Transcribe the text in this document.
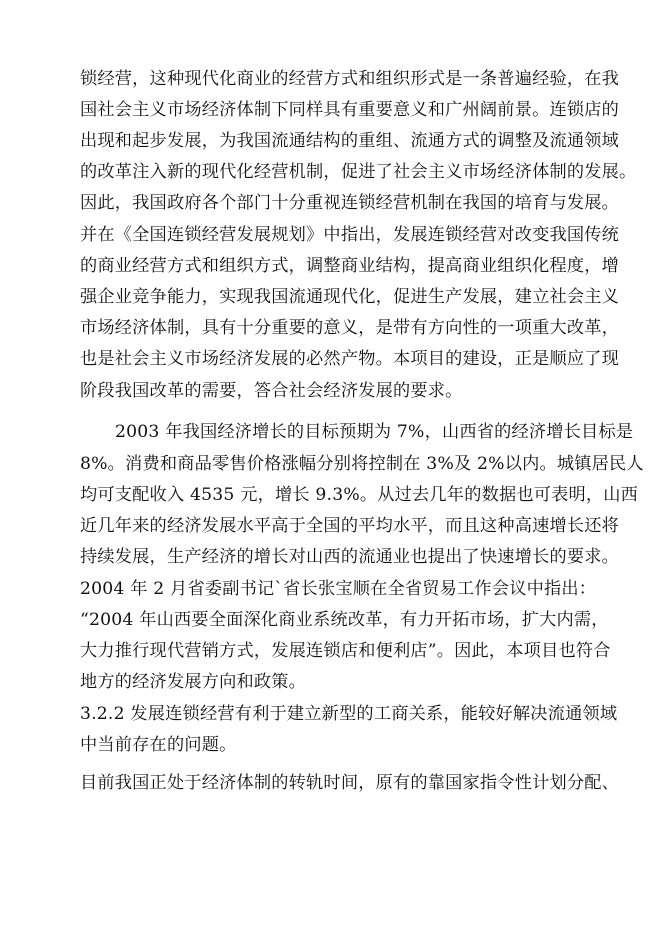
锁经营，这种现代化商业的经营方式和组织形式是一条普遍经验，在我
国社会主义市场经济体制下同样具有重要意义和广州阔前景。连锁店的
出现和起步发展，为我国流通结构的重组、流通方式的调整及流通领域
的改革注入新的现代化经营机制，促进了社会主义市场经济体制的发展。
因此，我国政府各个部门十分重视连锁经营机制在我国的培育与发展。
并在《全国连锁经营发展规划》中指出，发展连锁经营对改变我国传统
的商业经营方式和组织方式，调整商业结构，提高商业组织化程度，增
强企业竞争能力，实现我国流通现代化，促进生产发展，建立社会主义
市场经济体制，具有十分重要的意义，是带有方向性的一项重大改革，
也是社会主义市场经济发展的必然产物。本项目的建设，正是顺应了现
阶段我国改革的需要，答合社会经济发展的要求。
2003 年我国经济增长的目标预期为 7%，山西省的经济增长目标是
8%。消费和商品零售价格涨幅分别将控制在 3%及 2%以内。城镇居民人
均可支配收入 4535 元，增长 9.3%。从过去几年的数据也可表明，山西
近几年来的经济发展水平高于全国的平均水平，而且这种高速增长还将
持续发展，生产经济的增长对山西的流通业也提出了快速增长的要求。
2004 年 2 月省委副书记`省长张宝顺在全省贸易工作会议中指出：
“2004 年山西要全面深化商业系统改革，有力开拓市场，扩大内需，
大力推行现代营销方式，发展连锁店和便利店”。因此，本项目也符合
地方的经济发展方向和政策。
3.2.2 发展连锁经营有利于建立新型的工商关系，能较好解决流通领域
中当前存在的问题。
目前我国正处于经济体制的转轨时间，原有的靠国家指令性计划分配、
